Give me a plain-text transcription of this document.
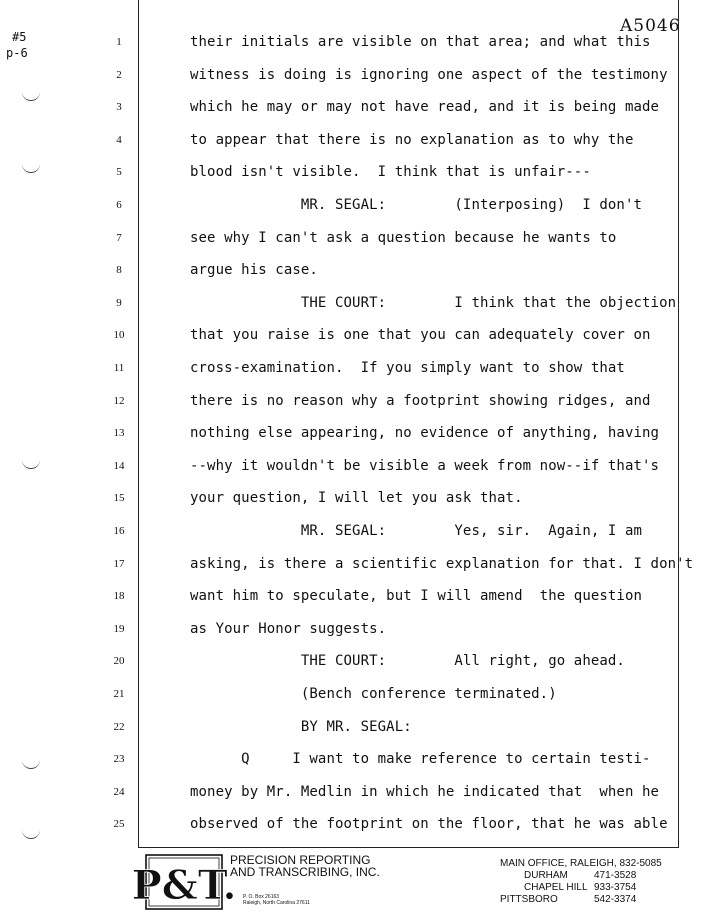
A5046
#5
p-6
1
2
3
4
5
6
7
8
9
10
11
12
13
14
15
16
17
18
19
20
21
22
23
24
25
their initials are visible on that area; and what this
witness is doing is ignoring one aspect of the testimony
which he may or may not have read, and it is being made
to appear that there is no explanation as to why the
blood isn't visible.  I think that is unfair---
MR. SEGAL:        (Interposing)  I don't
see why I can't ask a question because he wants to
argue his case.
THE COURT:        I think that the objection
that you raise is one that you can adequately cover on
cross-examination.  If you simply want to show that
there is no reason why a footprint showing ridges, and
nothing else appearing, no evidence of anything, having
--why it wouldn't be visible a week from now--if that's
your question, I will let you ask that.
MR. SEGAL:        Yes, sir.  Again, I am
asking, is there a scientific explanation for that. I don't
want him to speculate, but I will amend  the question
as Your Honor suggests.
THE COURT:        All right, go ahead.
(Bench conference terminated.)
BY MR. SEGAL:
Q     I want to make reference to certain testi-
money by Mr. Medlin in which he indicated that  when he
observed of the footprint on the floor, that he was able
P&T.
PRECISION REPORTING
AND TRANSCRIBING, INC.
P. O. Box 26163
Raleigh, North Carolina 27611
MAIN OFFICE, RALEIGH, 832-5085
DURHAM	471-3528
CHAPEL HILL 933-3754
PITTSBORO	542-3374
